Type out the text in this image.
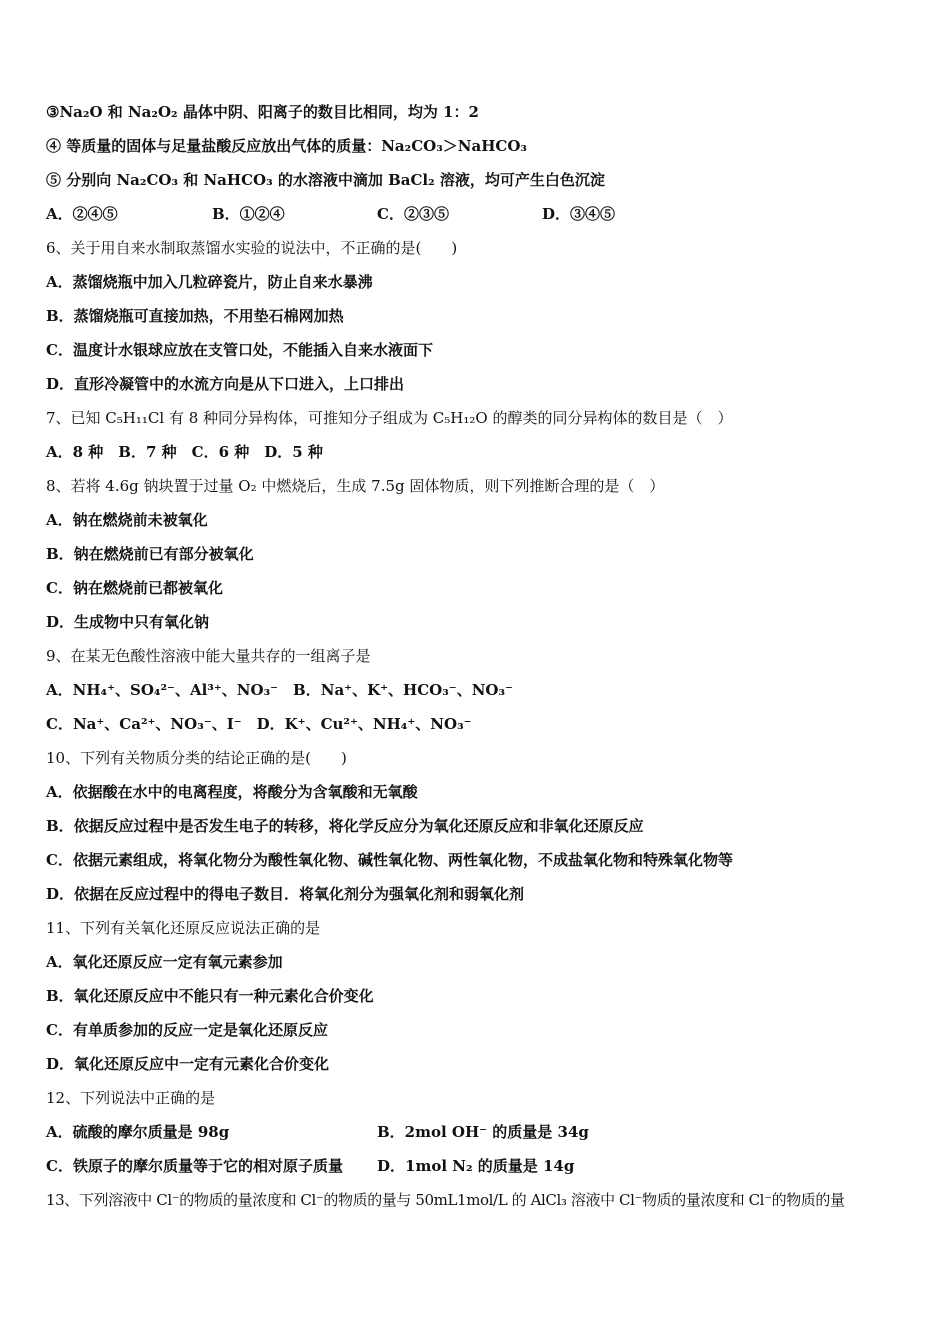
③Na₂O 和 Na₂O₂ 晶体中阴、阳离子的数目比相同，均为 1：2
④ 等质量的固体与足量盐酸反应放出气体的质量：Na₂CO₃＞NaHCO₃
⑤ 分别向 Na₂CO₃ 和 NaHCO₃ 的水溶液中滴加 BaCl₂ 溶液，均可产生白色沉淀
A．②④⑤	B．①②④	C．②③⑤	D．③④⑤
6、关于用自来水制取蒸馏水实验的说法中，不正确的是(　　)
A．蒸馏烧瓶中加入几粒碎瓷片，防止自来水暴沸
B．蒸馏烧瓶可直接加热，不用垫石棉网加热
C．温度计水银球应放在支管口处，不能插入自来水液面下
D．直形冷凝管中的水流方向是从下口进入，上口排出
7、已知 C₅H₁₁Cl 有 8 种同分异构体，可推知分子组成为 C₅H₁₂O 的醇类的同分异构体的数目是（　）
A．8 种　B．7 种　C．6 种　D．5 种
8、若将 4.6g 钠块置于过量 O₂ 中燃烧后，生成 7.5g 固体物质，则下列推断合理的是（　）
A．钠在燃烧前未被氧化
B．钠在燃烧前已有部分被氧化
C．钠在燃烧前已都被氧化
D．生成物中只有氧化钠
9、在某无色酸性溶液中能大量共存的一组离子是
A．NH₄⁺、SO₄²⁻、Al³⁺、NO₃⁻　B．Na⁺、K⁺、HCO₃⁻、NO₃⁻
C．Na⁺、Ca²⁺、NO₃⁻、I⁻　D．K⁺、Cu²⁺、NH₄⁺、NO₃⁻
10、下列有关物质分类的结论正确的是(　　)
A．依据酸在水中的电离程度，将酸分为含氧酸和无氧酸
B．依据反应过程中是否发生电子的转移，将化学反应分为氧化还原反应和非氧化还原反应
C．依据元素组成，将氧化物分为酸性氧化物、碱性氧化物、两性氧化物，不成盐氧化物和特殊氧化物等
D．依据在反应过程中的得电子数目．将氧化剂分为强氧化剂和弱氧化剂
11、下列有关氧化还原反应说法正确的是
A．氧化还原反应一定有氧元素参加
B．氧化还原反应中不能只有一种元素化合价变化
C．有单质参加的反应一定是氧化还原反应
D．氧化还原反应中一定有元素化合价变化
12、下列说法中正确的是
A．硫酸的摩尔质量是 98g	B．2mol OH⁻ 的质量是 34g
C．铁原子的摩尔质量等于它的相对原子质量 D．1mol N₂ 的质量是 14g
13、下列溶液中 Cl⁻的物质的量浓度和 Cl⁻的物质的量与 50mL1mol/L 的 AlCl₃ 溶液中 Cl⁻物质的量浓度和 Cl⁻的物质的量
